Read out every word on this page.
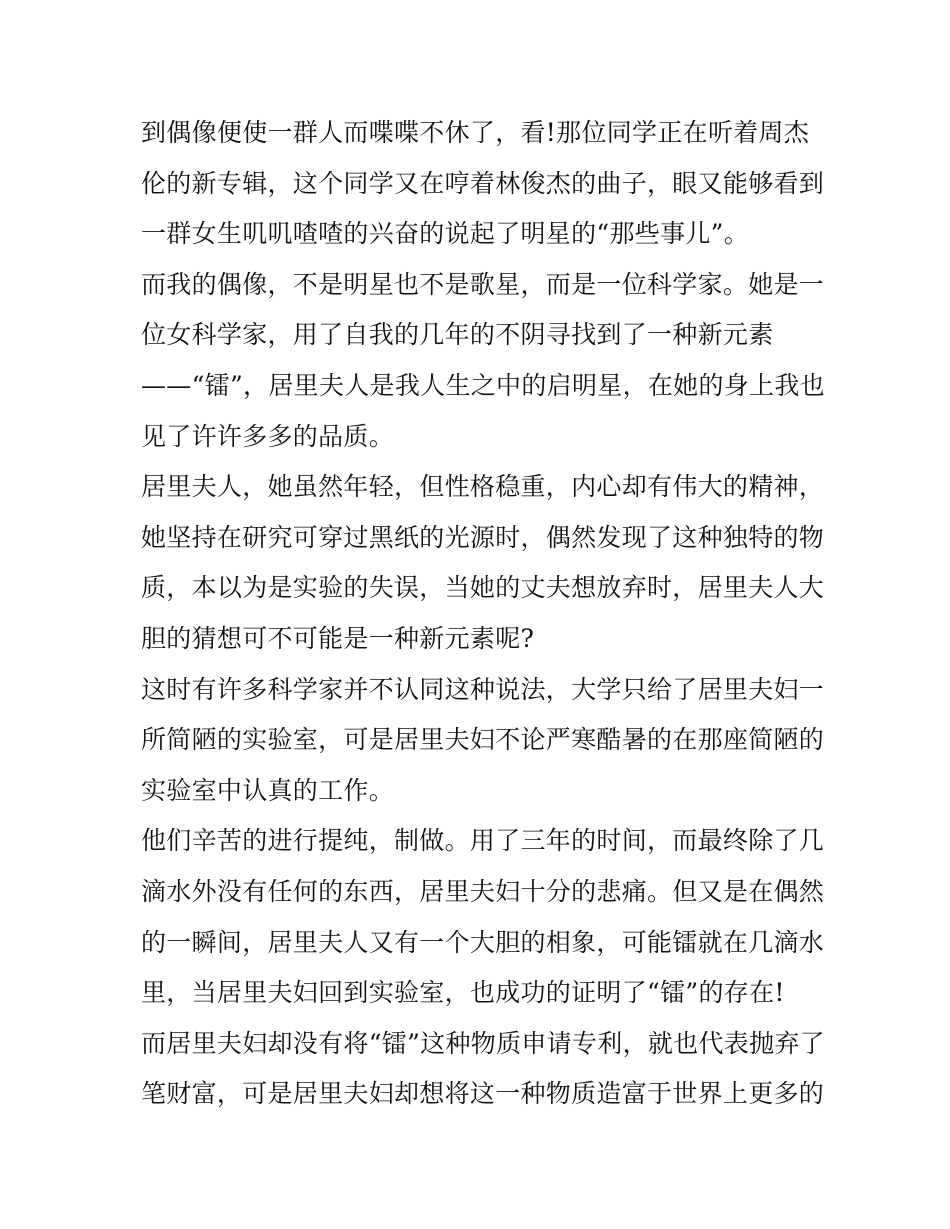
到偶像便使一群人而喋喋不休了，看!那位同学正在听着周杰
伦的新专辑，这个同学又在哼着林俊杰的曲子，眼又能够看到
一群女生叽叽喳喳的兴奋的说起了明星的“那些事儿”。
而我的偶像，不是明星也不是歌星，而是一位科学家。她是一
位女科学家，用了自我的几年的不阴寻找到了一种新元素
——“镭”，居里夫人是我人生之中的启明星，在她的身上我也
见了许许多多的品质。
居里夫人，她虽然年轻，但性格稳重，内心却有伟大的精神，
她坚持在研究可穿过黑纸的光源时，偶然发现了这种独特的物
质，本以为是实验的失误，当她的丈夫想放弃时，居里夫人大
胆的猜想可不可能是一种新元素呢?
这时有许多科学家并不认同这种说法，大学只给了居里夫妇一
所简陋的实验室，可是居里夫妇不论严寒酷暑的在那座简陋的
实验室中认真的工作。
他们辛苦的进行提纯，制做。用了三年的时间，而最终除了几
滴水外没有任何的东西，居里夫妇十分的悲痛。但又是在偶然
的一瞬间，居里夫人又有一个大胆的相象，可能镭就在几滴水
里，当居里夫妇回到实验室，也成功的证明了“镭”的存在!
而居里夫妇却没有将“镭”这种物质申请专利，就也代表抛弃了
笔财富，可是居里夫妇却想将这一种物质造富于世界上更多的
